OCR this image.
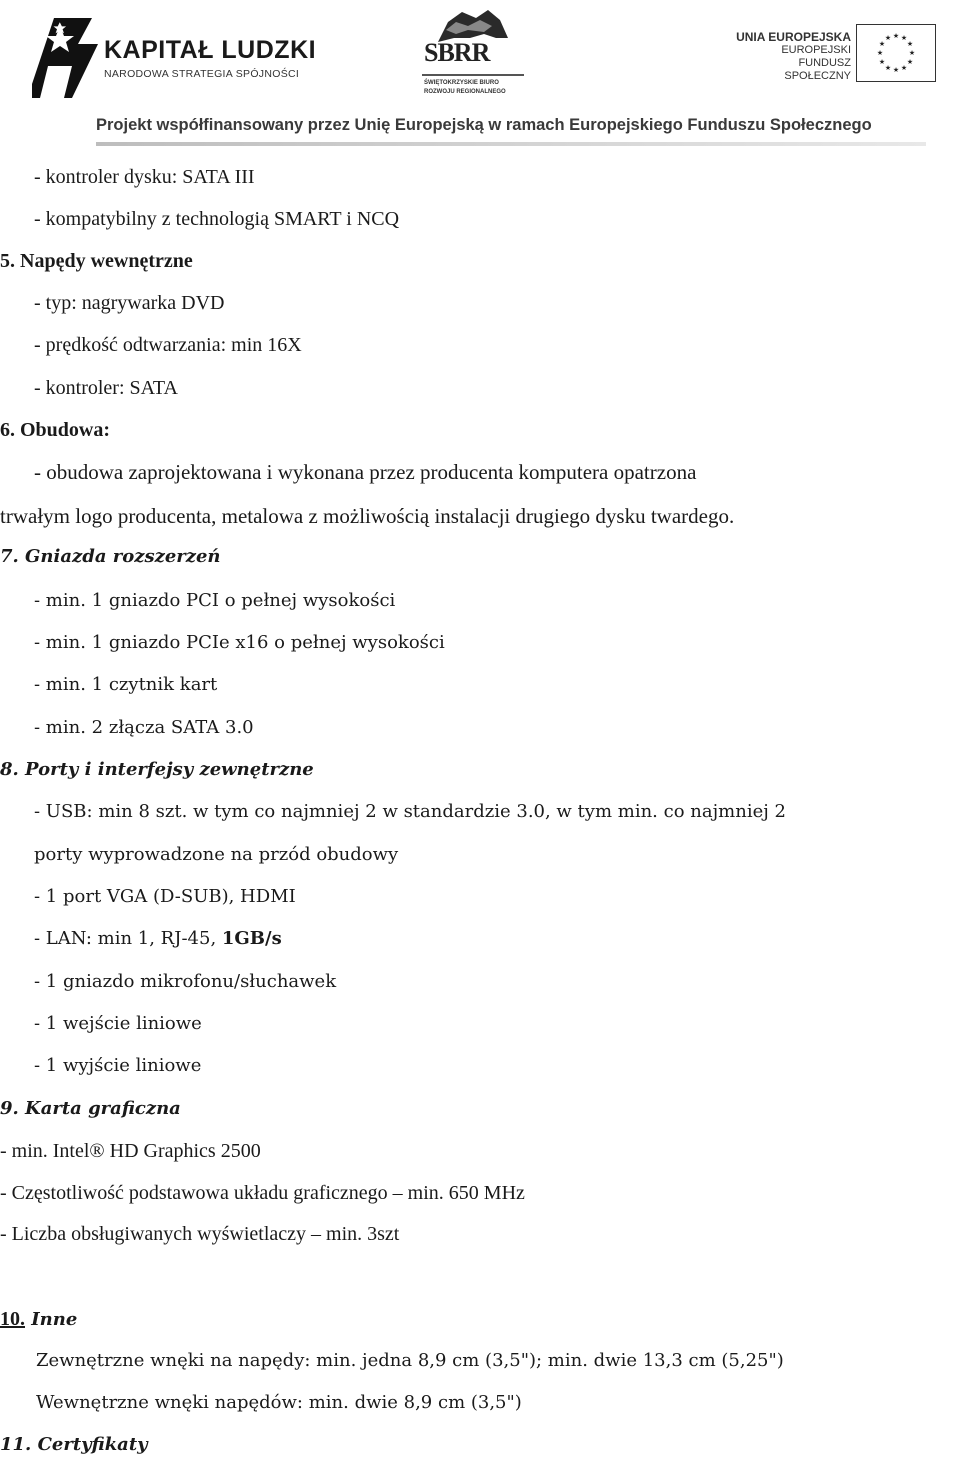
KAPITAŁ LUDZKI
NARODOWA STRATEGIA SPÓJNOŚCI
SBRR
ŚWIĘTOKRZYSKIE BIURO
ROZWOJU REGIONALNEGO
UNIA EUROPEJSKA
EUROPEJSKI
FUNDUSZ SPOŁECZNY
★ ★
★
★
★
★
★
★
★
★
★
★
Projekt współfinansowany przez Unię Europejską w ramach Europejskiego Funduszu Społecznego
- kontroler dysku: SATA III
- kompatybilny z technologią SMART i NCQ
5. Napędy wewnętrzne
- typ: nagrywarka DVD
- prędkość odtwarzania: min 16X
- kontroler: SATA
6. Obudowa:
- obudowa zaprojektowana i wykonana przez producenta komputera opatrzona
trwałym logo producenta, metalowa z możliwością instalacji drugiego dysku twardego.
7. Gniazda rozszerzeń
- min. 1 gniazdo PCI o pełnej wysokości
- min. 1 gniazdo PCIe x16 o pełnej wysokości
- min. 1 czytnik kart
- min. 2 złącza SATA 3.0
8. Porty i interfejsy zewnętrzne
- USB: min 8 szt. w tym co najmniej 2 w standardzie 3.0, w tym min. co najmniej 2
porty wyprowadzone na przód obudowy
- 1 port VGA (D-SUB), HDMI
- LAN: min 1, RJ-45, 1GB/s
- 1 gniazdo mikrofonu/słuchawek
- 1 wejście liniowe
- 1 wyjście liniowe
9. Karta graficzna
- min. Intel® HD Graphics 2500
- Częstotliwość podstawowa układu graficznego – min. 650 MHz
- Liczba obsługiwanych wyświetlaczy – min. 3szt
10. Inne
Zewnętrzne wnęki na napędy: min. jedna 8,9 cm (3,5"); min. dwie 13,3 cm (5,25")
Wewnętrzne wnęki napędów: min. dwie 8,9 cm (3,5")
11. Certyfikaty
